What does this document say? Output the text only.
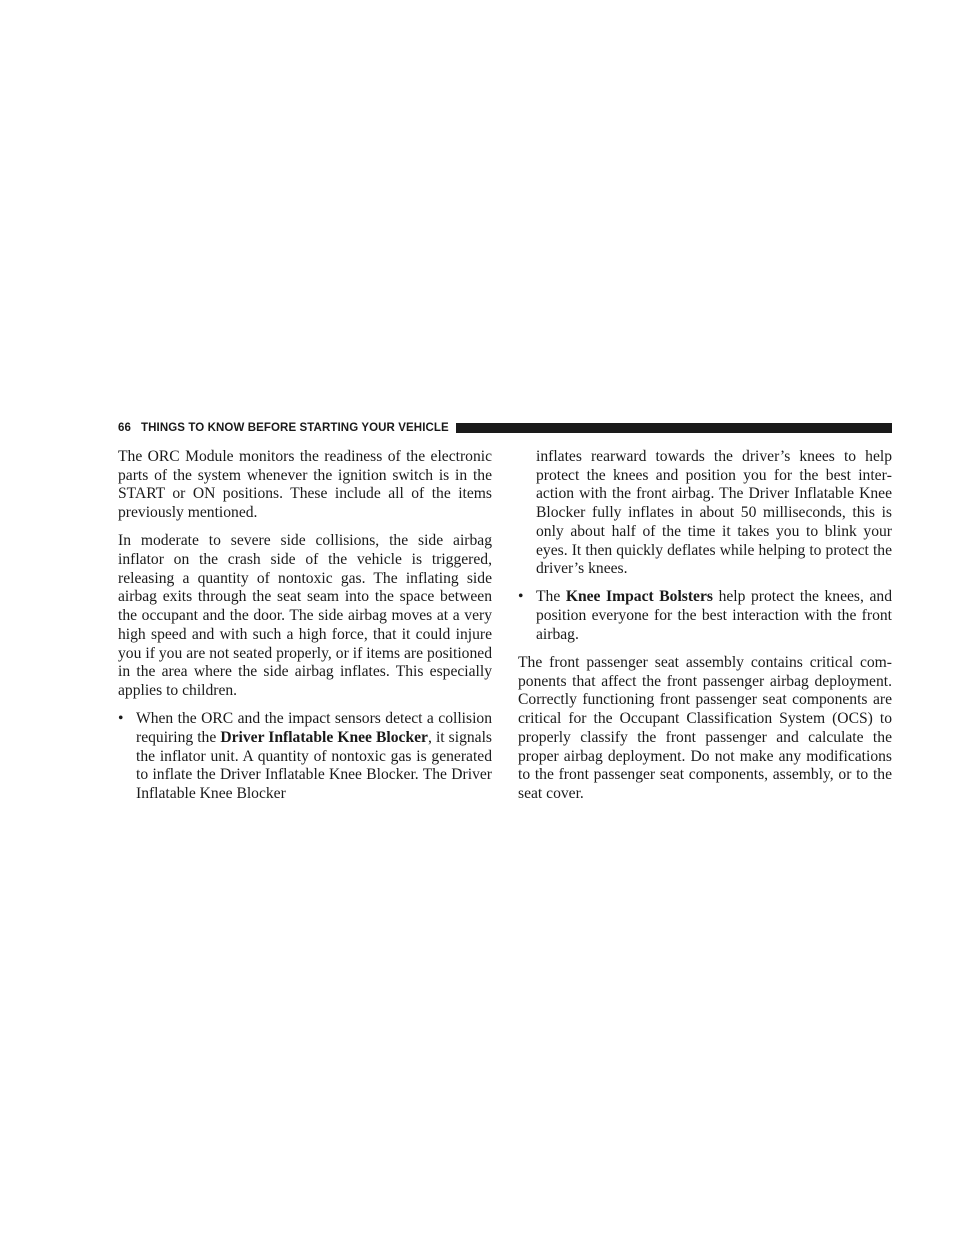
66 THINGS TO KNOW BEFORE STARTING YOUR VEHICLE

The ORC Module monitors the readiness of the electronic parts of the system whenever the ignition switch is in the START or ON positions. These include all of the items previously mentioned.

In moderate to severe side collisions, the side airbag inflator on the crash side of the vehicle is triggered, releasing a quantity of nontoxic gas. The inflating side airbag exits through the seat seam into the space between the occupant and the door. The side airbag moves at a very high speed and with such a high force, that it could injure you if you are not seated properly, or if items are positioned in the area where the side airbag inflates. This especially applies to children.

• When the ORC and the impact sensors detect a collision requiring the Driver Inflatable Knee Blocker, it signals the inflator unit. A quantity of nontoxic gas is generated to inflate the Driver Inflatable Knee Blocker. The Driver Inflatable Knee Blocker
inflates rearward towards the driver’s knees to help protect the knees and position you for the best interaction with the front airbag. The Driver Inflatable Knee Blocker fully inflates in about 50 milliseconds, this is only about half of the time it takes you to blink your eyes. It then quickly deflates while helping to protect the driver’s knees.
• The Knee Impact Bolsters help protect the knees, and position everyone for the best interaction with the front airbag.

The front passenger seat assembly contains critical components that affect the front passenger airbag deployment. Correctly functioning front passenger seat components are critical for the Occupant Classification System (OCS) to properly classify the front passenger and calculate the proper airbag deployment. Do not make any modifications to the front passenger seat components, assembly, or to the seat cover.
